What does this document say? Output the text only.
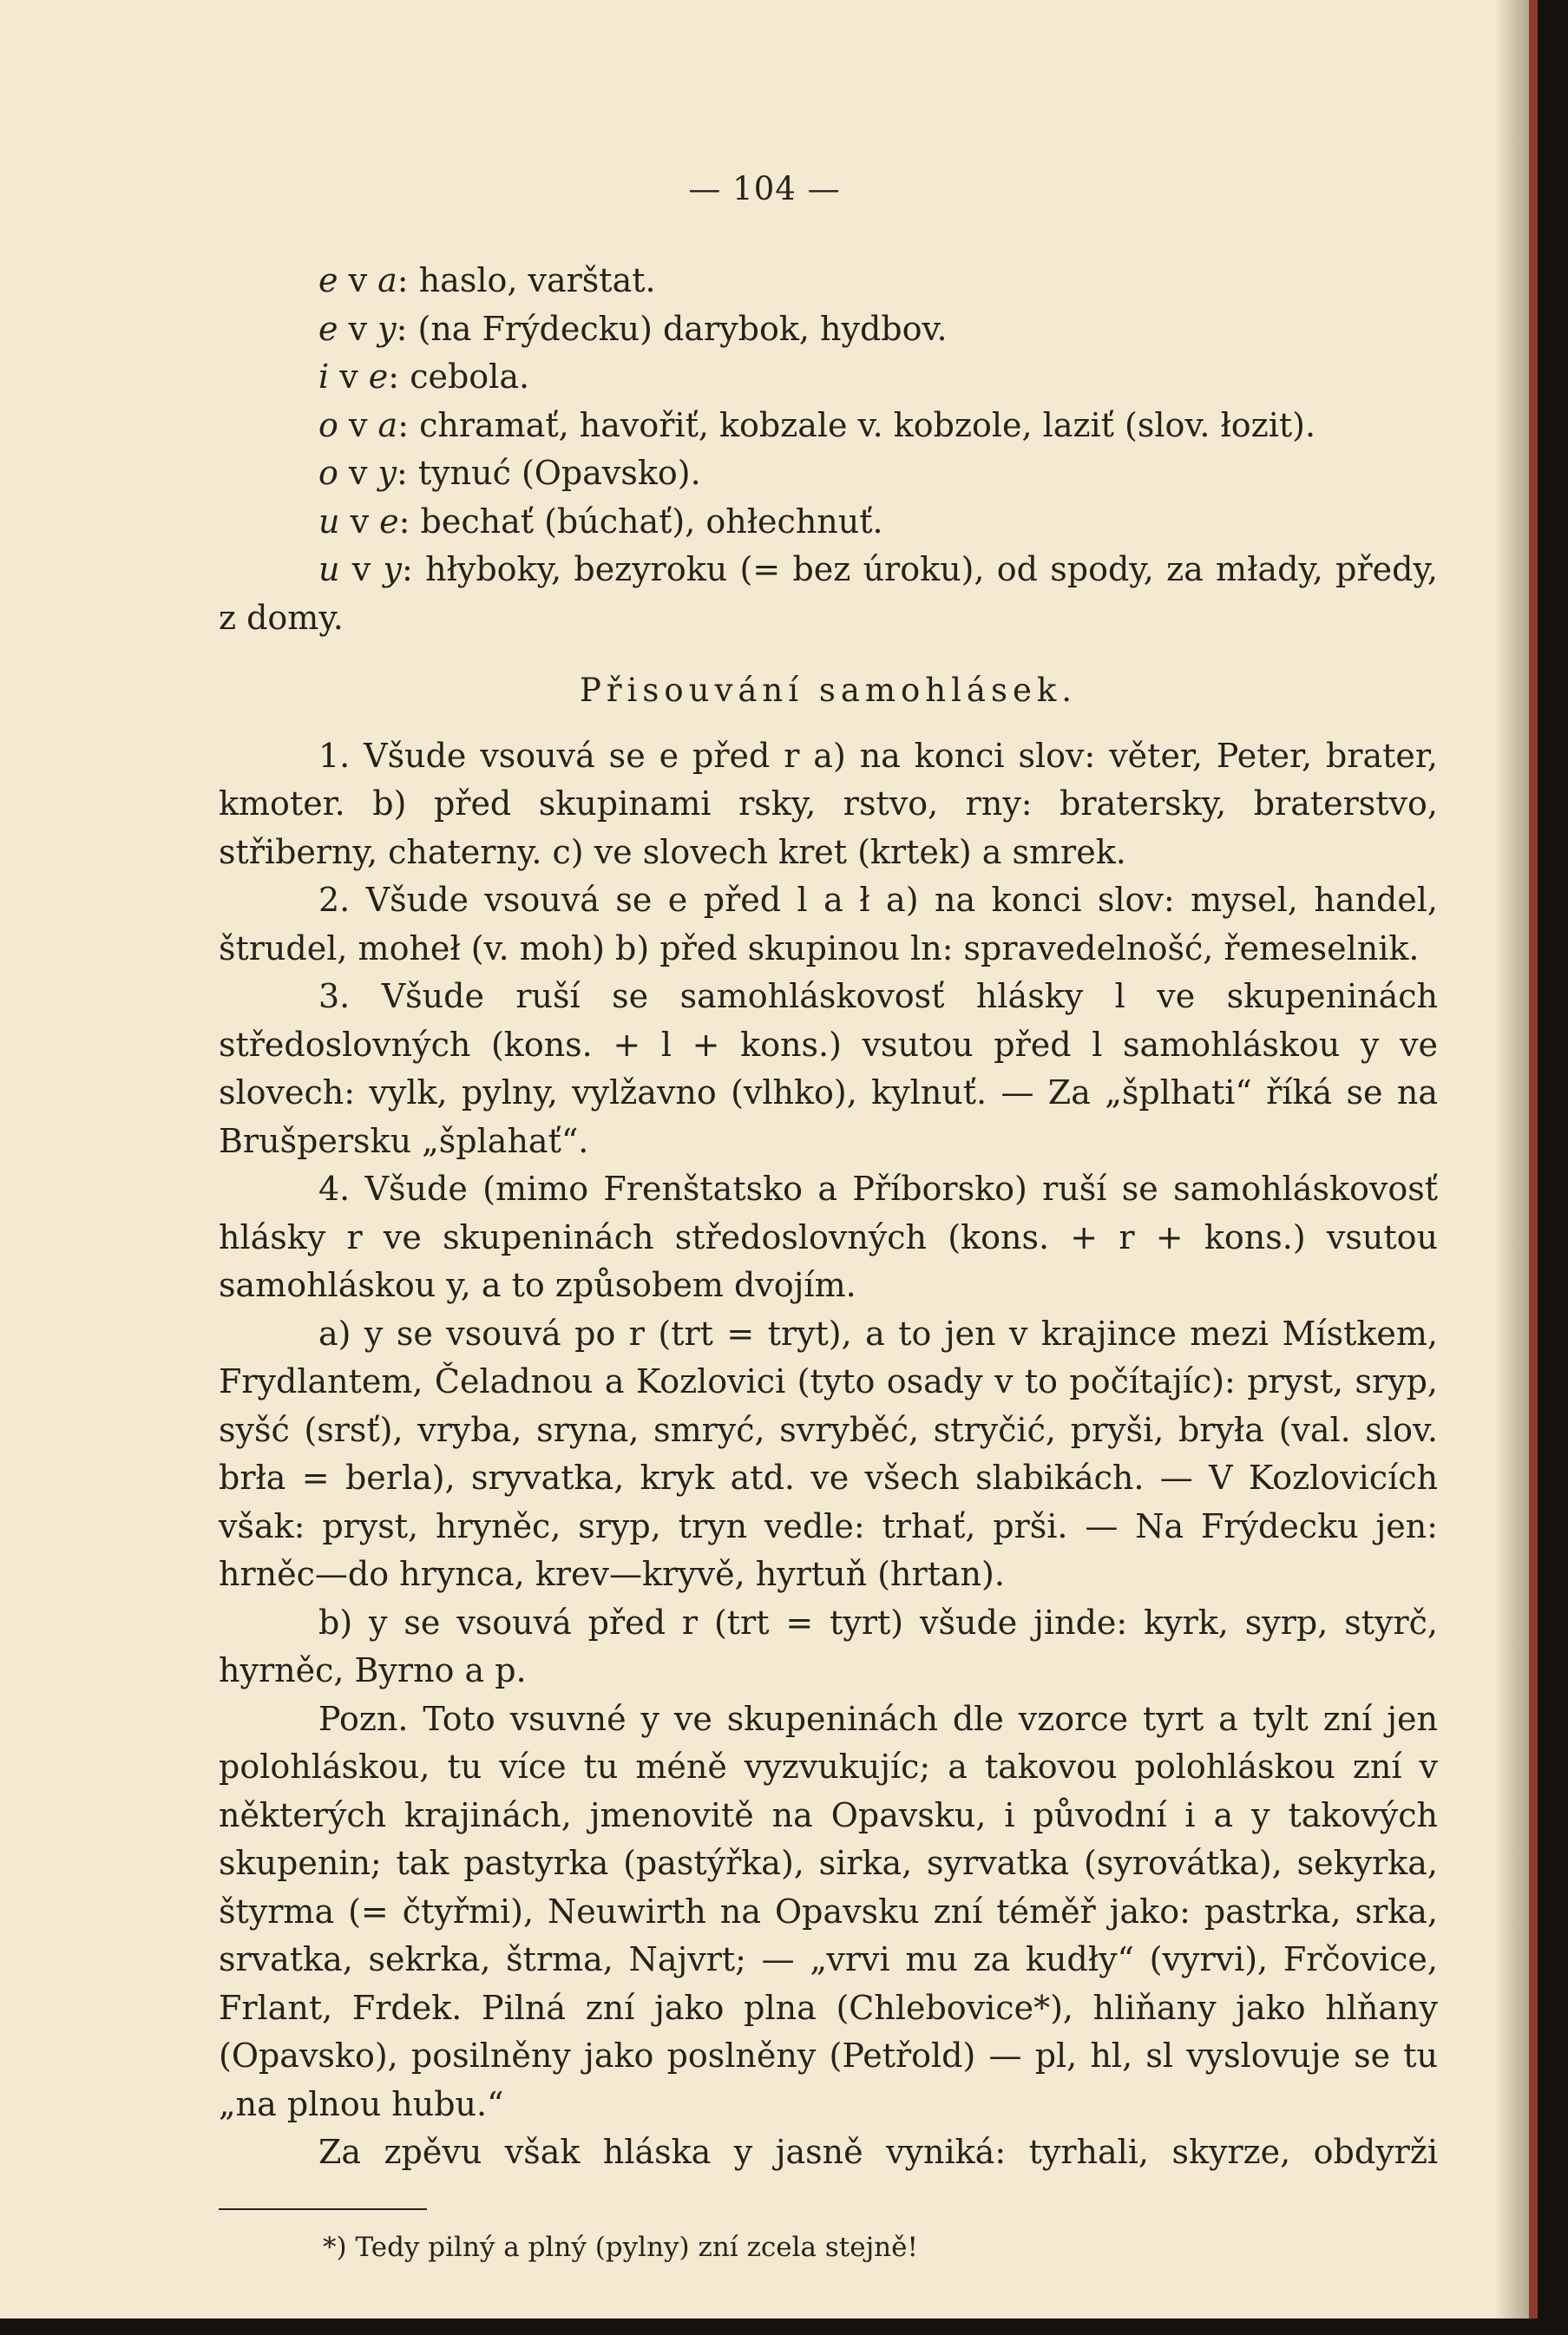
— 104 —
e v a: haslo, varštat.
e v y: (na Frýdecku) darybok, hydbov.
i v e: cebola.
o v a: chramať, havořiť, kobzale v. kobzole, laziť (slov. łozit).
o v y: tynuć (Opavsko).
u v e: bechať (búchať), ohłechnuť.
u v y: hłyboky, bezyroku (= bez úroku), od spody, za młady, předy, z domy.
Přisouvání samohlásek.
1. Všude vsouvá se e před r a) na konci slov: věter, Peter, brater, kmoter. b) před skupinami rsky, rstvo, rny: bratersky, braterstvo, střiberny, chaterny. c) ve slovech kret (krtek) a smrek.
2. Všude vsouvá se e před l a ł a) na konci slov: mysel, handel, štrudel, moheł (v. moh) b) před skupinou ln: spravedelnošć, řemeselnik.
3. Všude ruší se samohláskovosť hlásky l ve skupeninách středoslovných (kons. + l + kons.) vsutou před l samohláskou y ve slovech: vylk, pylny, vylžavno (vlhko), kylnuť. — Za „šplhati“ říká se na Brušpersku „šplahať“.
4. Všude (mimo Frenštatsko a Příborsko) ruší se samohláskovosť hlásky r ve skupeninách středoslovných (kons. + r + kons.) vsutou samohláskou y, a to způsobem dvojím.
a) y se vsouvá po r (trt = tryt), a to jen v krajince mezi Místkem, Frydlantem, Čeladnou a Kozlovici (tyto osady v to počítajíc): pryst, sryp, syšć (srsť), vryba, sryna, smryć, svryběć, stryčić, pryši, bryła (val. slov. brła = berla), sryvatka, kryk atd. ve všech slabikách. — V Kozlovicích však: pryst, hryněc, sryp, tryn vedle: trhať, prši. — Na Frýdecku jen: hrněc—do hrynca, krev—kryvě, hyrtuň (hrtan).
b) y se vsouvá před r (trt = tyrt) všude jinde: kyrk, syrp, styrč, hyrněc, Byrno a p.
Pozn. Toto vsuvné y ve skupeninách dle vzorce tyrt a tylt zní jen polohláskou, tu více tu méně vyzvukujíc; a takovou polohláskou zní v některých krajinách, jmenovitě na Opavsku, i původní i a y takových skupenin; tak pastyrka (pastýřka), sirka, syrvatka (syrovátka), sekyrka, štyrma (= čtyřmi), Neuwirth na Opavsku zní téměř jako: pastrka, srka, srvatka, sekrka, štrma, Najvrt; — „vrvi mu za kudły“ (vyrvi), Frčovice, Frlant, Frdek. Pilná zní jako plna (Chlebovice*), hliňany jako hlňany (Opavsko), posilněny jako poslněny (Petřold) — pl, hl, sl vyslovuje se tu „na plnou hubu.“
Za zpěvu však hláska y jasně vyniká: tyrhali, skyrze, obdyrži
*) Tedy pilný a plný (pylny) zní zcela stejně!
